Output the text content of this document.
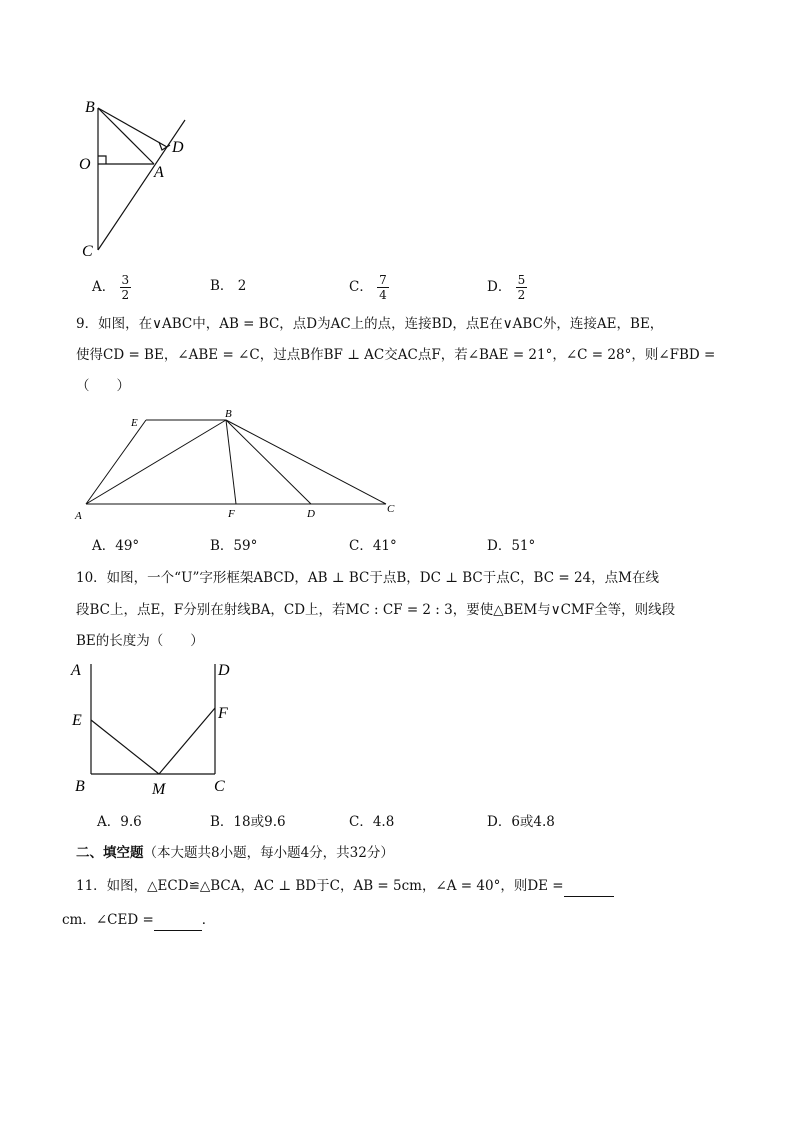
B
D
O	A
C
A． $\frac{3}{2}$	B． 2	C． $\frac{7}{4}$	D． $\frac{5}{2}$
9．如图，在∨ABC中，AB = BC，点D为AC上的点，连接BD，点E在∨ABC外，连接AE，BE，
使得CD = BE，∠ABE = ∠C，过点B作BF ⊥ AC交AC点F，若∠BAE = 21°，∠C = 28°，则∠FBD =
（　　）
E
B
A	F	D	C
A．49°	B．59°	C．41°	D．51°
10．如图，一个“U”字形框架ABCD，AB ⊥ BC于点B，DC ⊥ BC于点C，BC = 24，点M在线
段BC上，点E，F分别在射线BA，CD上，若MC : CF = 2 : 3，要使△BEM与∨CMF全等，则线段
BE的长度为（　　）
A	D
E	F
B	M	C
A．9.6	B．18或9.6	C．4.8	D．6或4.8
二、填空题（本大题共8小题，每小题4分，共32分）
11．如图，△ECD≌△BCA，AC ⊥ BD于C，AB = 5cm，∠A = 40°，则DE =
cm．∠CED =	．
